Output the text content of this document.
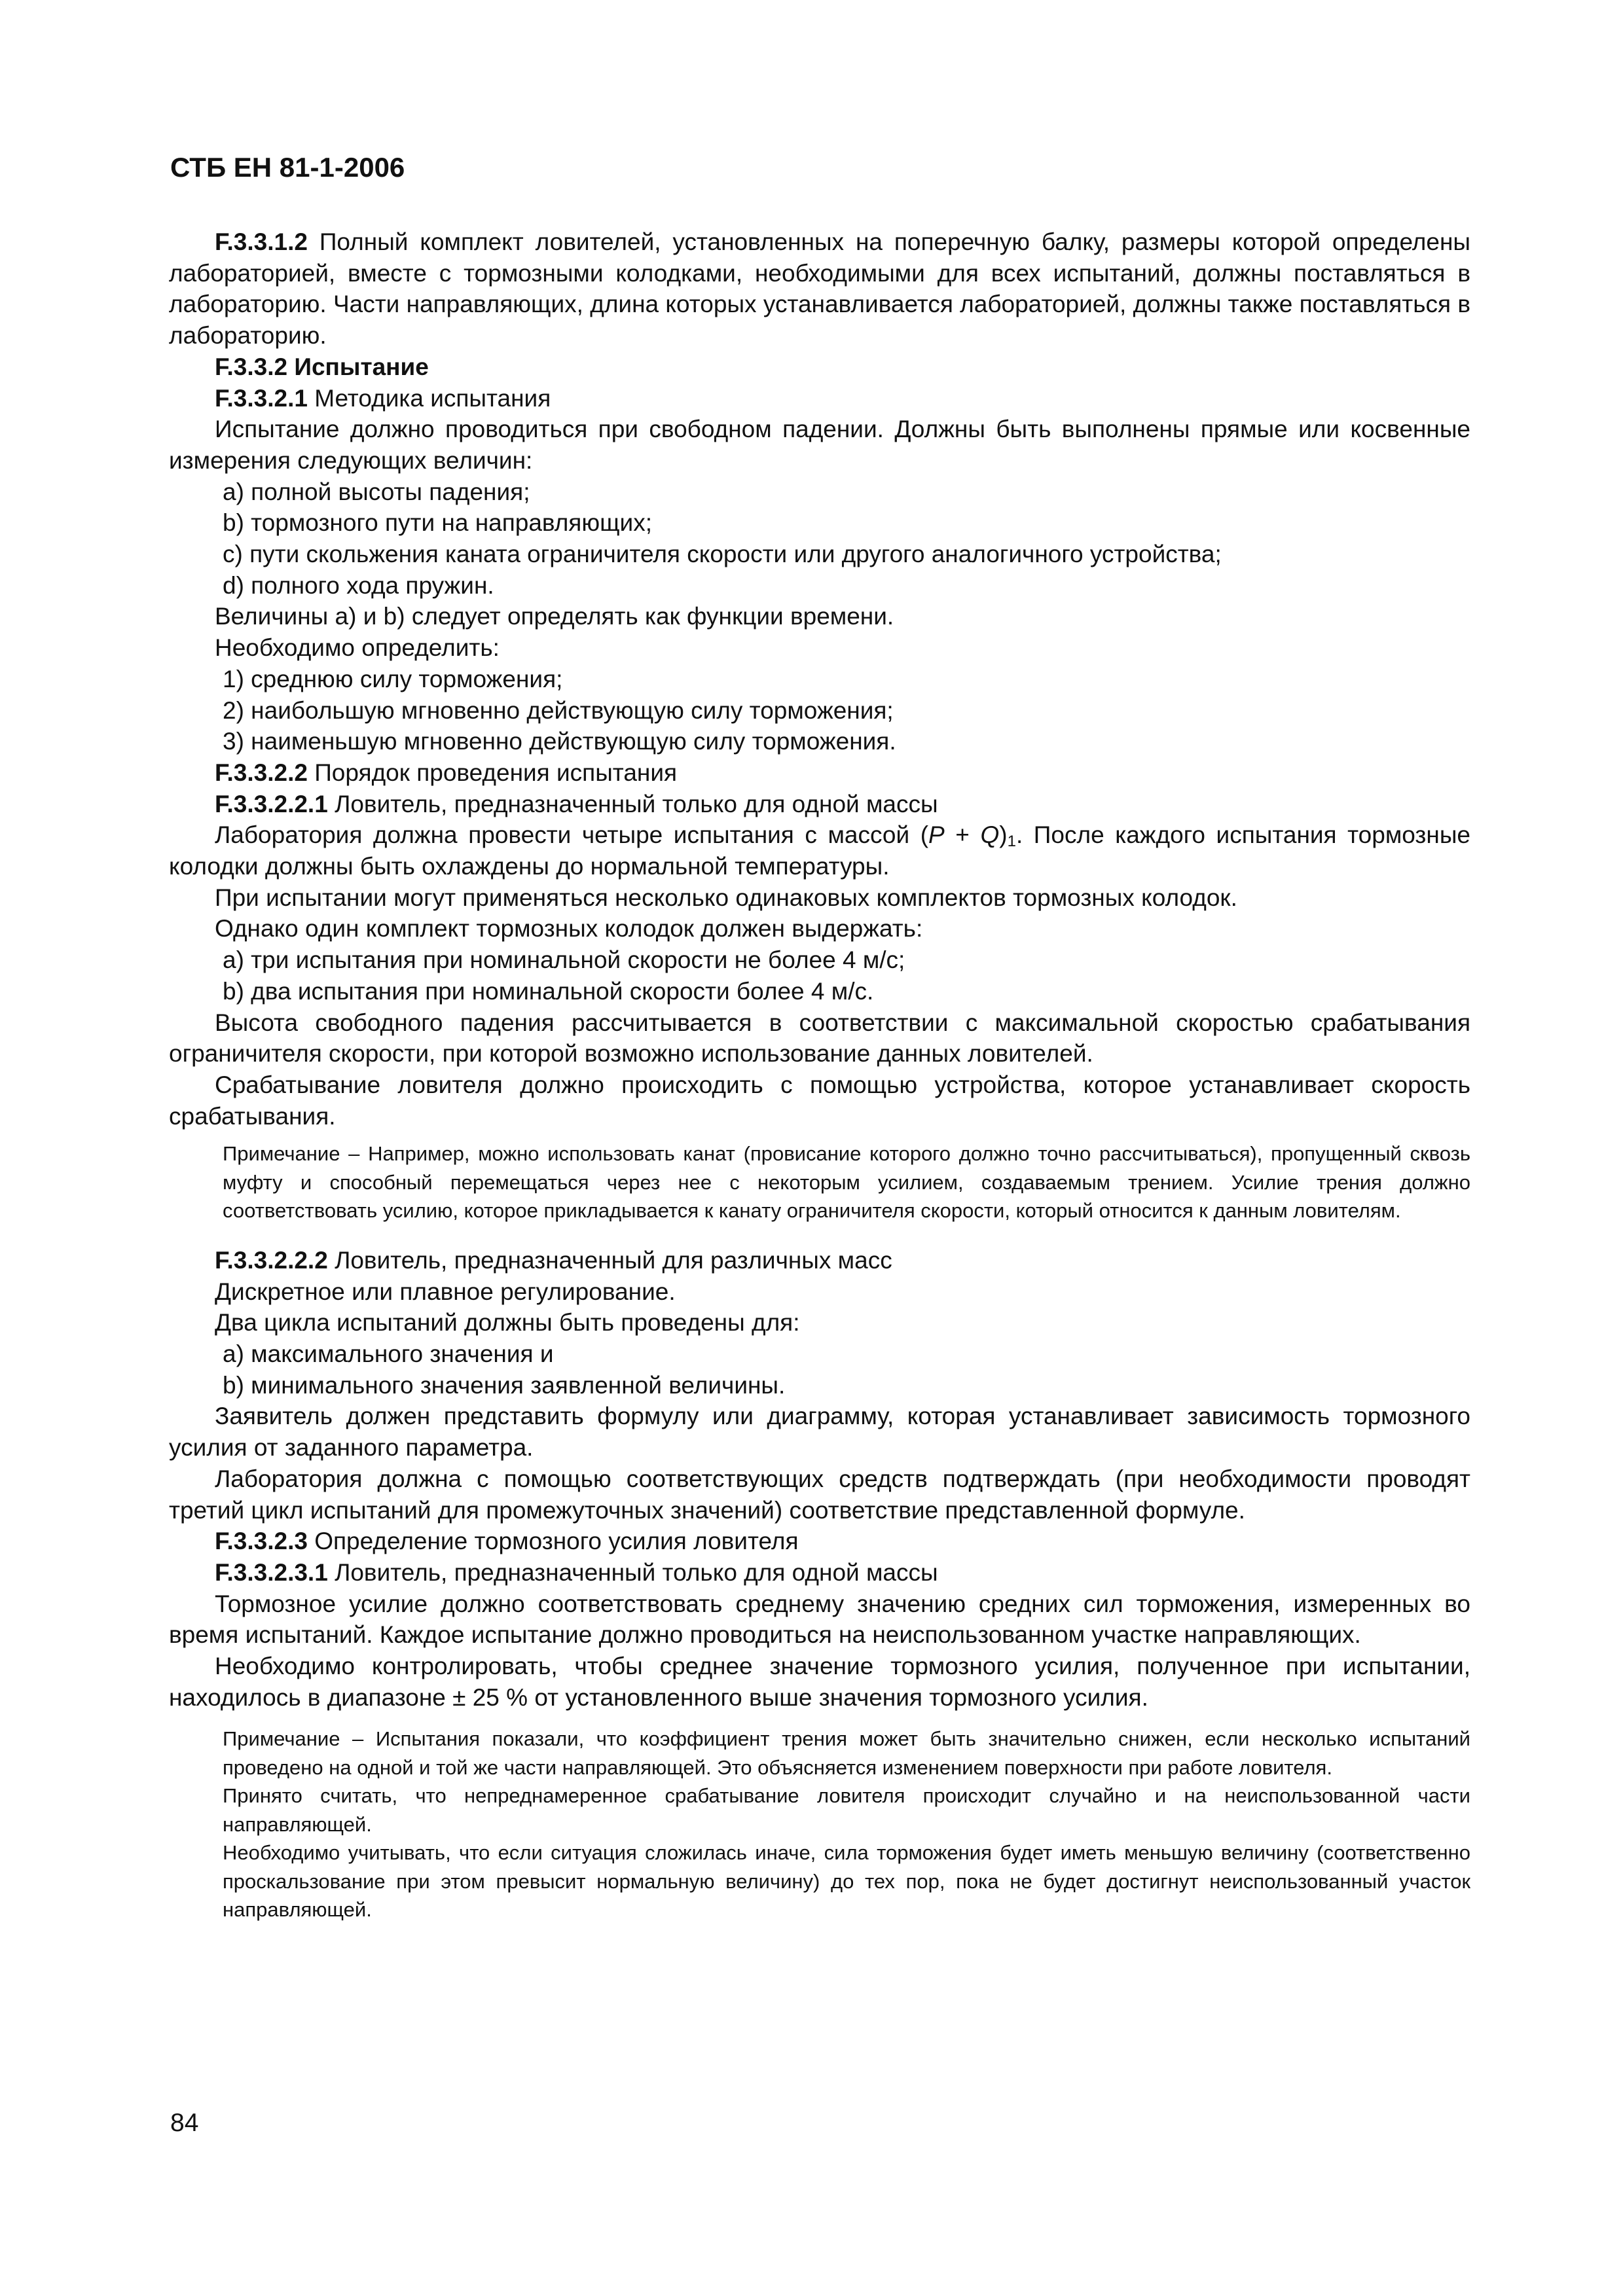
СТБ ЕН 81-1-2006

F.3.3.1.2 Полный комплект ловителей, установленных на поперечную балку, размеры которой определены лабораторией, вместе с тормозными колодками, необходимыми для всех испытаний, должны поставляться в лабораторию. Части направляющих, длина которых устанавливается лабораторией, должны также поставляться в лабораторию.

F.3.3.2 Испытание

F.3.3.2.1 Методика испытания

Испытание должно проводиться при свободном падении. Должны быть выполнены прямые или косвенные измерения следующих величин:

a) полной высоты падения;

b) тормозного пути на направляющих;

c) пути скольжения каната ограничителя скорости или другого аналогичного устройства;

d) полного хода пружин.

Величины a) и b) следует определять как функции времени.

Необходимо определить:

1) среднюю силу торможения;

2) наибольшую мгновенно действующую силу торможения;

3) наименьшую мгновенно действующую силу торможения.

F.3.3.2.2 Порядок проведения испытания

F.3.3.2.2.1 Ловитель, предназначенный только для одной массы

Лаборатория должна провести четыре испытания с массой $(P + Q)_1$. После каждого испытания тормозные колодки должны быть охлаждены до нормальной температуры.

При испытании могут применяться несколько одинаковых комплектов тормозных колодок.

Однако один комплект тормозных колодок должен выдержать:

a) три испытания при номинальной скорости не более 4 м/с;

b) два испытания при номинальной скорости более 4 м/с.

Высота свободного падения рассчитывается в соответствии с максимальной скоростью срабатывания ограничителя скорости, при которой возможно использование данных ловителей.

Срабатывание ловителя должно происходить с помощью устройства, которое устанавливает скорость срабатывания.

Примечание – Например, можно использовать канат (провисание которого должно точно рассчитываться), пропущенный сквозь муфту и способный перемещаться через нее с некоторым усилием, создаваемым трением. Усилие трения должно соответствовать усилию, которое прикладывается к канату ограничителя скорости, который относится к данным ловителям.

F.3.3.2.2.2 Ловитель, предназначенный для различных масс

Дискретное или плавное регулирование.

Два цикла испытаний должны быть проведены для:

a) максимального значения и

b) минимального значения заявленной величины.

Заявитель должен представить формулу или диаграмму, которая устанавливает зависимость тормозного усилия от заданного параметра.

Лаборатория должна с помощью соответствующих средств подтверждать (при необходимости проводят третий цикл испытаний для промежуточных значений) соответствие представленной формуле.

F.3.3.2.3 Определение тормозного усилия ловителя

F.3.3.2.3.1 Ловитель, предназначенный только для одной массы

Тормозное усилие должно соответствовать среднему значению средних сил торможения, измеренных во время испытаний. Каждое испытание должно проводиться на неиспользованном участке направляющих.

Необходимо контролировать, чтобы среднее значение тормозного усилия, полученное при испытании, находилось в диапазоне ± 25 % от установленного выше значения тормозного усилия.

Примечание – Испытания показали, что коэффициент трения может быть значительно снижен, если несколько испытаний проведено на одной и той же части направляющей. Это объясняется изменением поверхности при работе ловителя.

Принято считать, что непреднамеренное срабатывание ловителя происходит случайно и на неиспользованной части направляющей.

Необходимо учитывать, что если ситуация сложилась иначе, сила торможения будет иметь меньшую величину (соответственно проскальзование при этом превысит нормальную величину) до тех пор, пока не будет достигнут неиспользованный участок направляющей.

84
